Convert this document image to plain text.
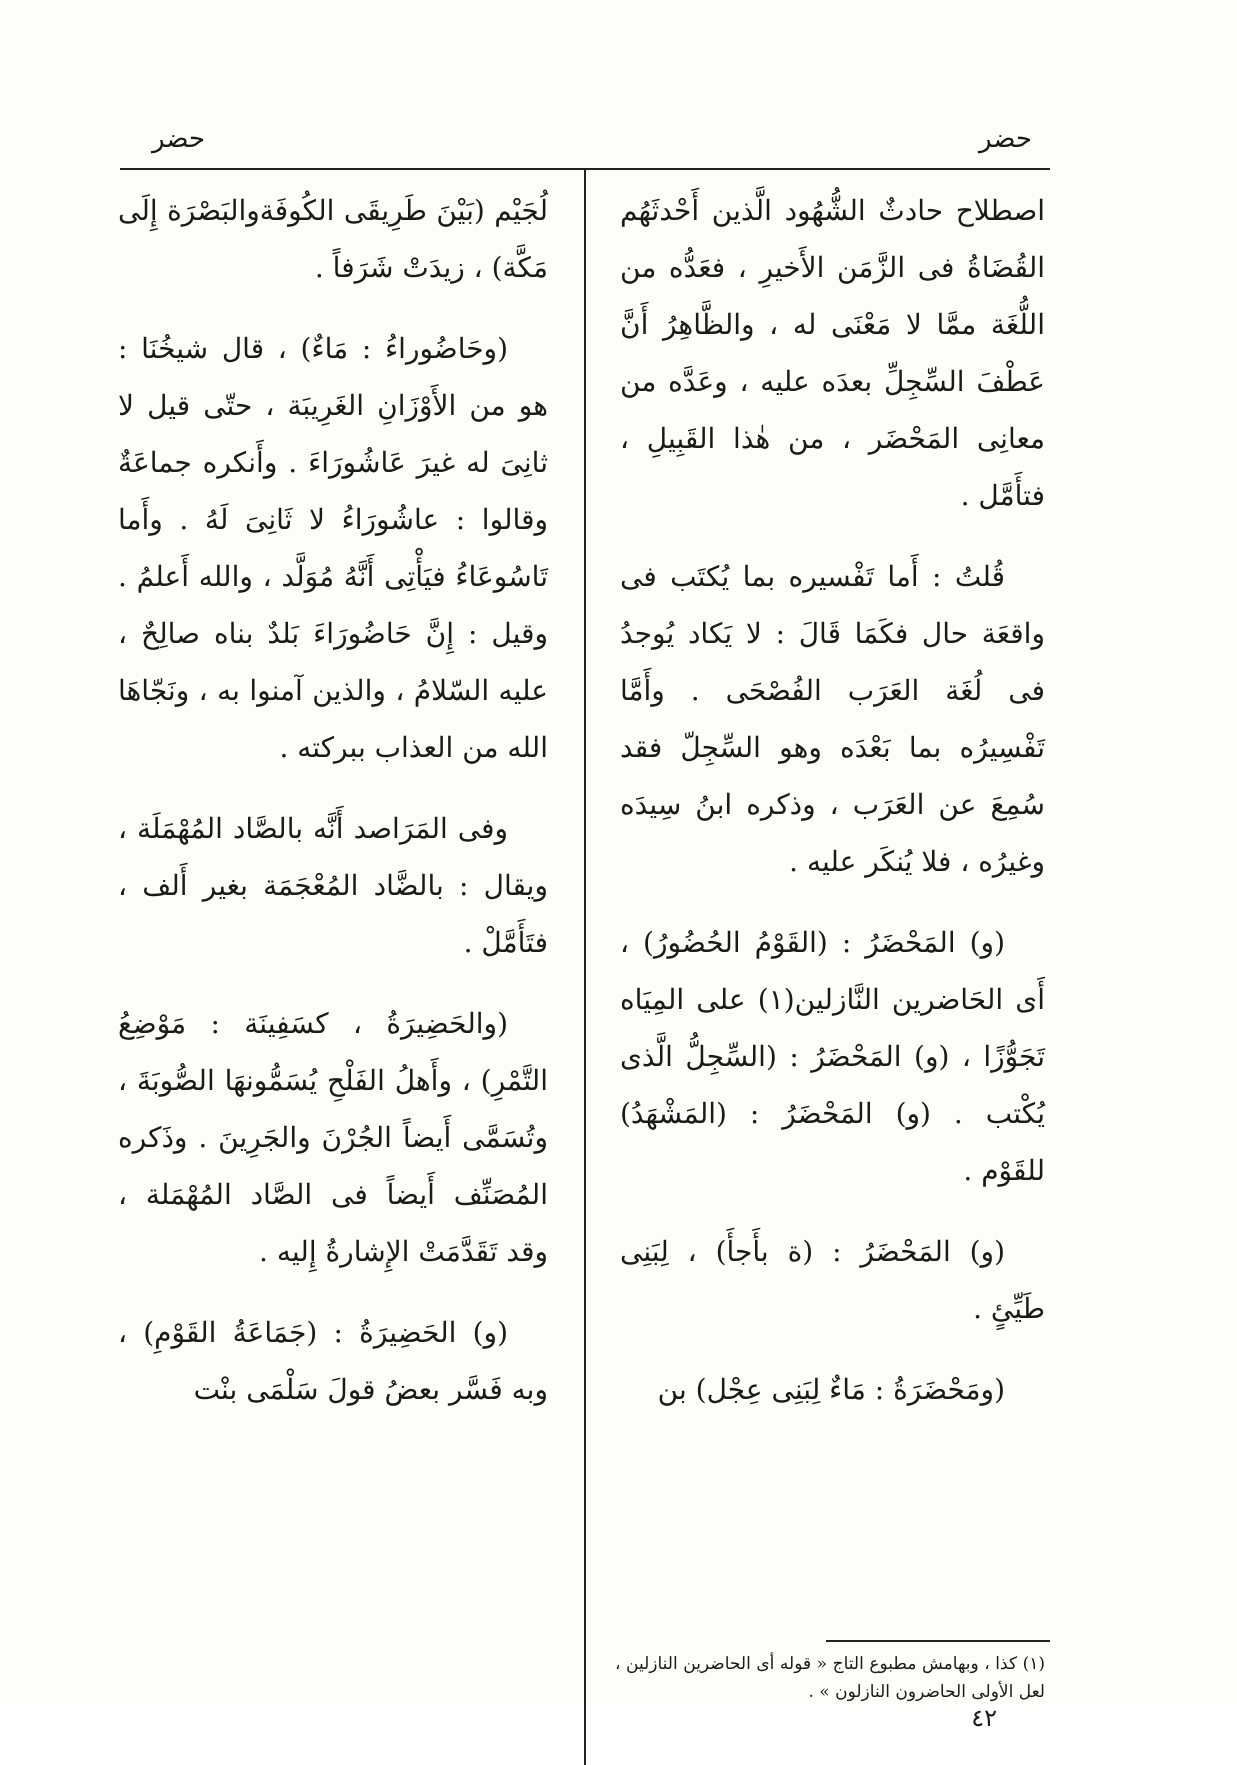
حضر
حضر

اصطلاح حادثٌ الشُّهُود الَّذين أَحْدثَهُم القُضَاةُ فى الزَّمَن الأَخيرِ ، فعَدُّه من اللُّغَة ممَّا لا مَعْنَى له ، والظَّاهِرُ أَنَّ عَطْفَ السِّجِلِّ بعدَه عليه ، وعَدَّه من معانِى المَحْضَر ، من هٰذا القَبِيلِ ، فتأَمَّل .

قُلتُ : أَما تَفْسيره بما يُكتَب فى واقعَة حال فكَمَا قَالَ : لا يَكاد يُوجدُ فى لُغَة العَرَب الفُصْحَى . وأَمَّا تَفْسِيرُه بما بَعْدَه وهو السِّجِلّ فقد سُمِعَ عن العَرَب ، وذكره ابنُ سِيدَه وغيرُه ، فلا يُنكَر عليه .

(و) المَحْضَرُ : (القَوْمُ الحُضُورُ) ، أَى الحَاضرين النَّازلين(١) على المِيَاه تَجَوُّزًا ، (و) المَحْضَرُ : (السِّجِلُّ الَّذى يُكْتب . (و) المَحْضَرُ : (المَشْهَدُ) للقَوْم .

(و) المَحْضَرُ : (ة بأَجأَ) ، لِبَنِى طَيِّئٍ .

(ومَحْضَرَةُ : مَاءٌ لِبَنِى عِجْل) بن

لُجَيْم (بَيْنَ طَرِيقَى الكُوفَةوالبَصْرَة إِلَى مَكَّة) ، زيدَتْ شَرَفاً .

(وحَاضُوراءُ : مَاءٌ) ، قال شيخُنَا : هو من الأَوْزَانِ الغَرِيبَة ، حتّى قيل لا ثانِىَ له غيرَ عَاشُورَاءَ . وأَنكره جماعَةٌ وقالوا : عاشُورَاءُ لا ثَانِىَ لَهُ . وأَما تَاسُوعَاءُ فيَأْتِى أَنَّهُ مُوَلَّد ، والله أَعلمُ . وقيل : إِنَّ حَاضُورَاءَ بَلدٌ بناه صالِحٌ ، عليه السّلامُ ، والذين آمنوا به ، ونَجّاهَا الله من العذاب ببركته .

وفى المَرَاصد أَنَّه بالصَّاد المُهْمَلَة ، ويقال : بالضَّاد المُعْجَمَة بغير أَلف ، فتَأَمَّلْ .

(والحَضِيرَةُ ، كسَفِينَة : مَوْضِعُ التَّمْرِ) ، وأَهلُ الفَلْحِ يُسَمُّونهَا الصُّوبَةَ ، وتُسَمَّى أَيضاً الجُرْنَ والجَرِينَ . وذَكره المُصَنِّف أَيضاً فى الصَّاد المُهْمَلة ، وقد تَقَدَّمَتْ الإِشارةُ إِليه .

(و) الحَضِيرَةُ : (جَمَاعَةُ القَوْمِ) ، وبه فَسَّر بعضُ قولَ سَلْمَى بنْت

(١) كذا ، وبهامش مطبوع التاج « قوله أى الحاضرين النازلين ، لعل الأولى الحاضرون النازلون » .
٤٢
